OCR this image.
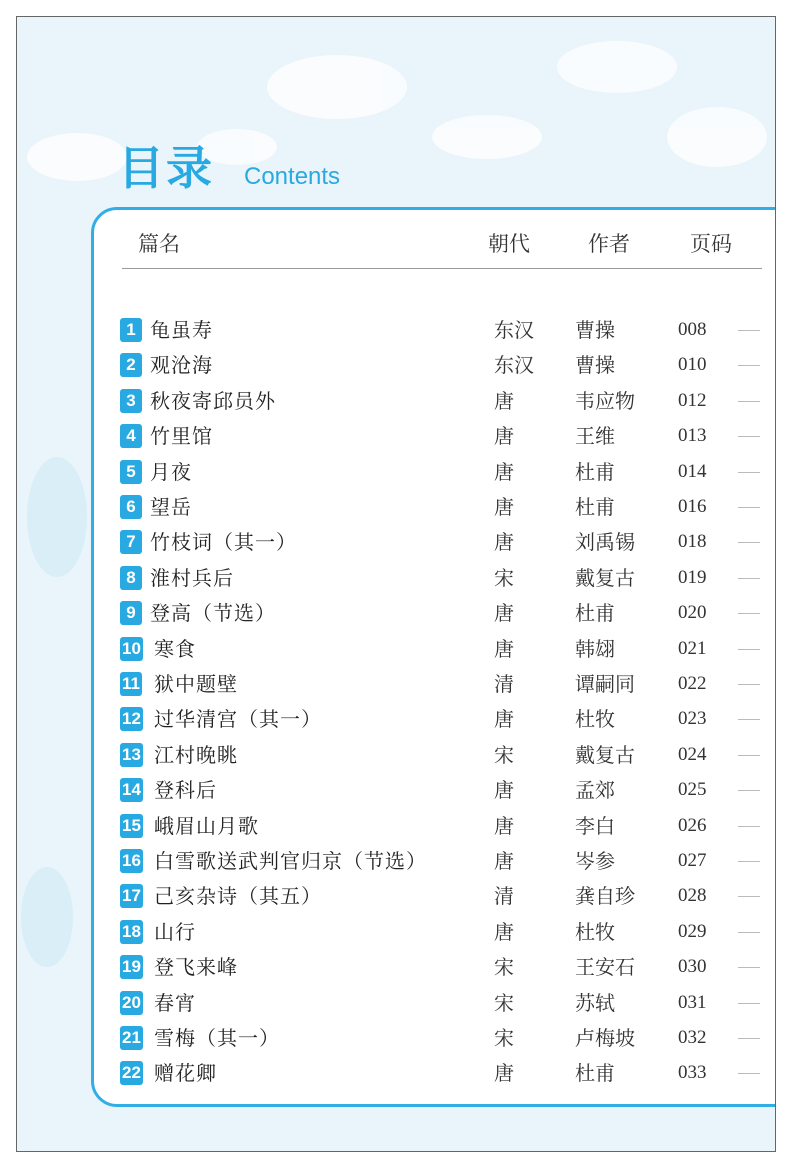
目录 Contents
篇名	朝代	作者	页码
1 龟虽寿	东汉 曹操	008
2 观沧海	东汉 曹操	010
3 秋夜寄邱员外	唐	韦应物 012
4 竹里馆	唐	王维	013
5 月夜	唐	杜甫	014
6 望岳	唐	杜甫	016
7 竹枝词（其一）	唐	刘禹锡 018
8 淮村兵后	宋	戴复古 019
9 登高（节选）	唐	杜甫	020
10 寒食	唐	韩翃	021
11 狱中题壁	清	谭嗣同 022
12 过华清宫（其一）	唐	杜牧	023
13 江村晚眺	宋	戴复古 024
14 登科后	唐	孟郊	025
15 峨眉山月歌	唐	李白	026
16 白雪歌送武判官归京（节选）	唐	岑参	027
17 己亥杂诗（其五）	清	龚自珍 028
18 山行	唐	杜牧	029
19 登飞来峰	宋	王安石 030
20 春宵	宋	苏轼	031
21 雪梅（其一）	宋	卢梅坡 032
22 赠花卿	唐	杜甫	033
